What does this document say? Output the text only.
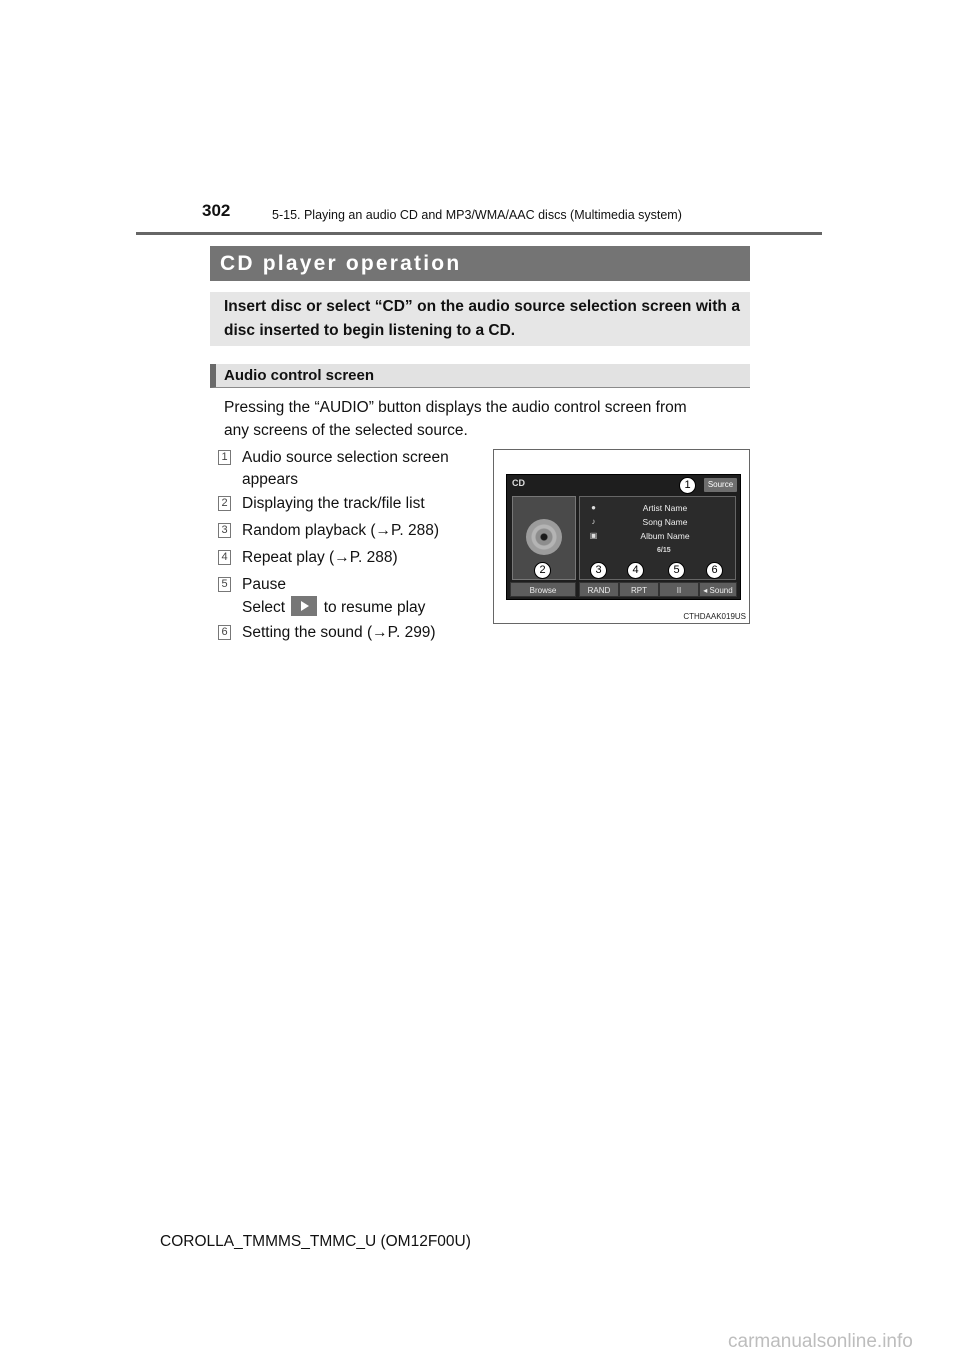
302	5-15. Playing an audio CD and MP3/WMA/AAC discs (Multimedia system)
CD player operation
Insert disc or select “CD” on the audio source selection screen with a disc inserted to begin listening to a CD.
Audio control screen
Pressing the “AUDIO” button displays the audio control screen from
any screens of the selected source.
1 Audio source selection screen
appears
2 Displaying the track/file list
3 Random playback (→P. 288)
4 Repeat play (→P. 288)
5 Pause
Select to resume play
6 Setting the sound (→P. 299)
CD	Source
●	Artist Name
♪	Song Name
▣	Album Name
6/15
Browse	RAND	RPT	II	◂ Sound
1
2	3	4	5	6
CTHDAAK019US
COROLLA_TMMMS_TMMC_U (OM12F00U)
carmanualsonline.info
